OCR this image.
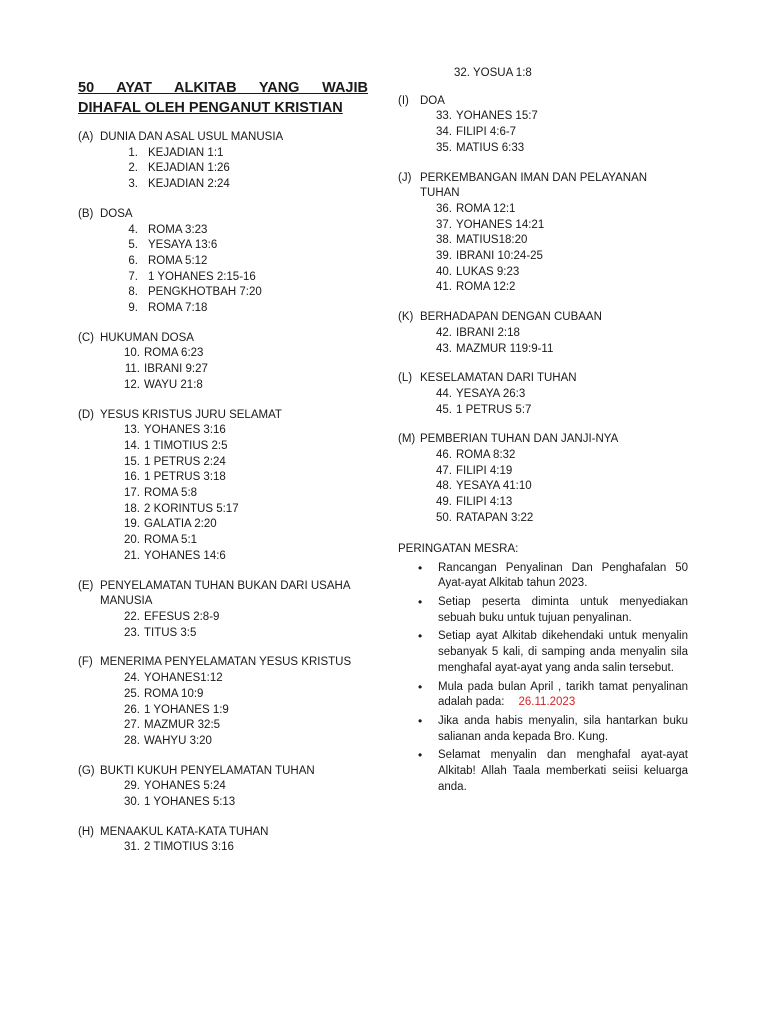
50 AYAT ALKITAB YANG WAJIB
DIHAFAL OLEH PENGANUT KRISTIAN
(A) DUNIA DAN ASAL USUL MANUSIA
1. KEJADIAN 1:1
2. KEJADIAN 1:26
3. KEJADIAN 2:24
(B) DOSA
4. ROMA 3:23
5. YESAYA 13:6
6. ROMA 5:12
7. 1 YOHANES 2:15-16
8. PENGKHOTBAH 7:20
9. ROMA 7:18
(C) HUKUMAN DOSA
10. ROMA 6:23
11. IBRANI 9:27
12. WAYU 21:8
(D) YESUS KRISTUS JURU SELAMAT
13. YOHANES 3:16
14. 1 TIMOTIUS 2:5
15. 1 PETRUS 2:24
16. 1 PETRUS 3:18
17. ROMA 5:8
18. 2 KORINTUS 5:17
19. GALATIA 2:20
20. ROMA 5:1
21. YOHANES 14:6
(E) PENYELAMATAN TUHAN BUKAN DARI USAHA MANUSIA
22. EFESUS 2:8-9
23. TITUS 3:5
(F) MENERIMA PENYELAMATAN YESUS KRISTUS
24. YOHANES1:12
25. ROMA 10:9
26. 1 YOHANES 1:9
27. MAZMUR 32:5
28. WAHYU 3:20
(G) BUKTI KUKUH PENYELAMATAN TUHAN
29. YOHANES 5:24
30. 1 YOHANES 5:13
(H) MENAAKUL KATA-KATA TUHAN
31. 2 TIMOTIUS 3:16
32. YOSUA 1:8
(I) DOA
33. YOHANES 15:7
34. FILIPI 4:6-7
35. MATIUS 6:33
(J) PERKEMBANGAN IMAN DAN PELAYANAN TUHAN
36. ROMA 12:1
37. YOHANES 14:21
38. MATIUS18:20
39. IBRANI 10:24-25
40. LUKAS 9:23
41. ROMA 12:2
(K) BERHADAPAN DENGAN CUBAAN
42. IBRANI 2:18
43. MAZMUR 119:9-11
(L) KESELAMATAN DARI TUHAN
44. YESAYA 26:3
45. 1 PETRUS 5:7
(M) PEMBERIAN TUHAN DAN JANJI-NYA
46. ROMA 8:32
47. FILIPI 4:19
48. YESAYA 41:10
49. FILIPI 4:13
50. RATAPAN 3:22
PERINGATAN MESRA:
•	Rancangan Penyalinan Dan Penghafalan 50 Ayat-ayat Alkitab tahun 2023.
•	Setiap peserta diminta untuk menyediakan sebuah buku untuk tujuan penyalinan.
•	Setiap ayat Alkitab dikehendaki untuk menyalin sebanyak 5 kali, di samping anda menyalin sila menghafal ayat-ayat yang anda salin tersebut.
•	Mula pada bulan April , tarikh tamat penyalinan adalah pada: 26.11.2023
•	Jika anda habis menyalin, sila hantarkan buku salianan anda kepada Bro. Kung.
•	Selamat menyalin dan menghafal ayat-ayat Alkitab! Allah Taala memberkati seiisi keluarga anda.
